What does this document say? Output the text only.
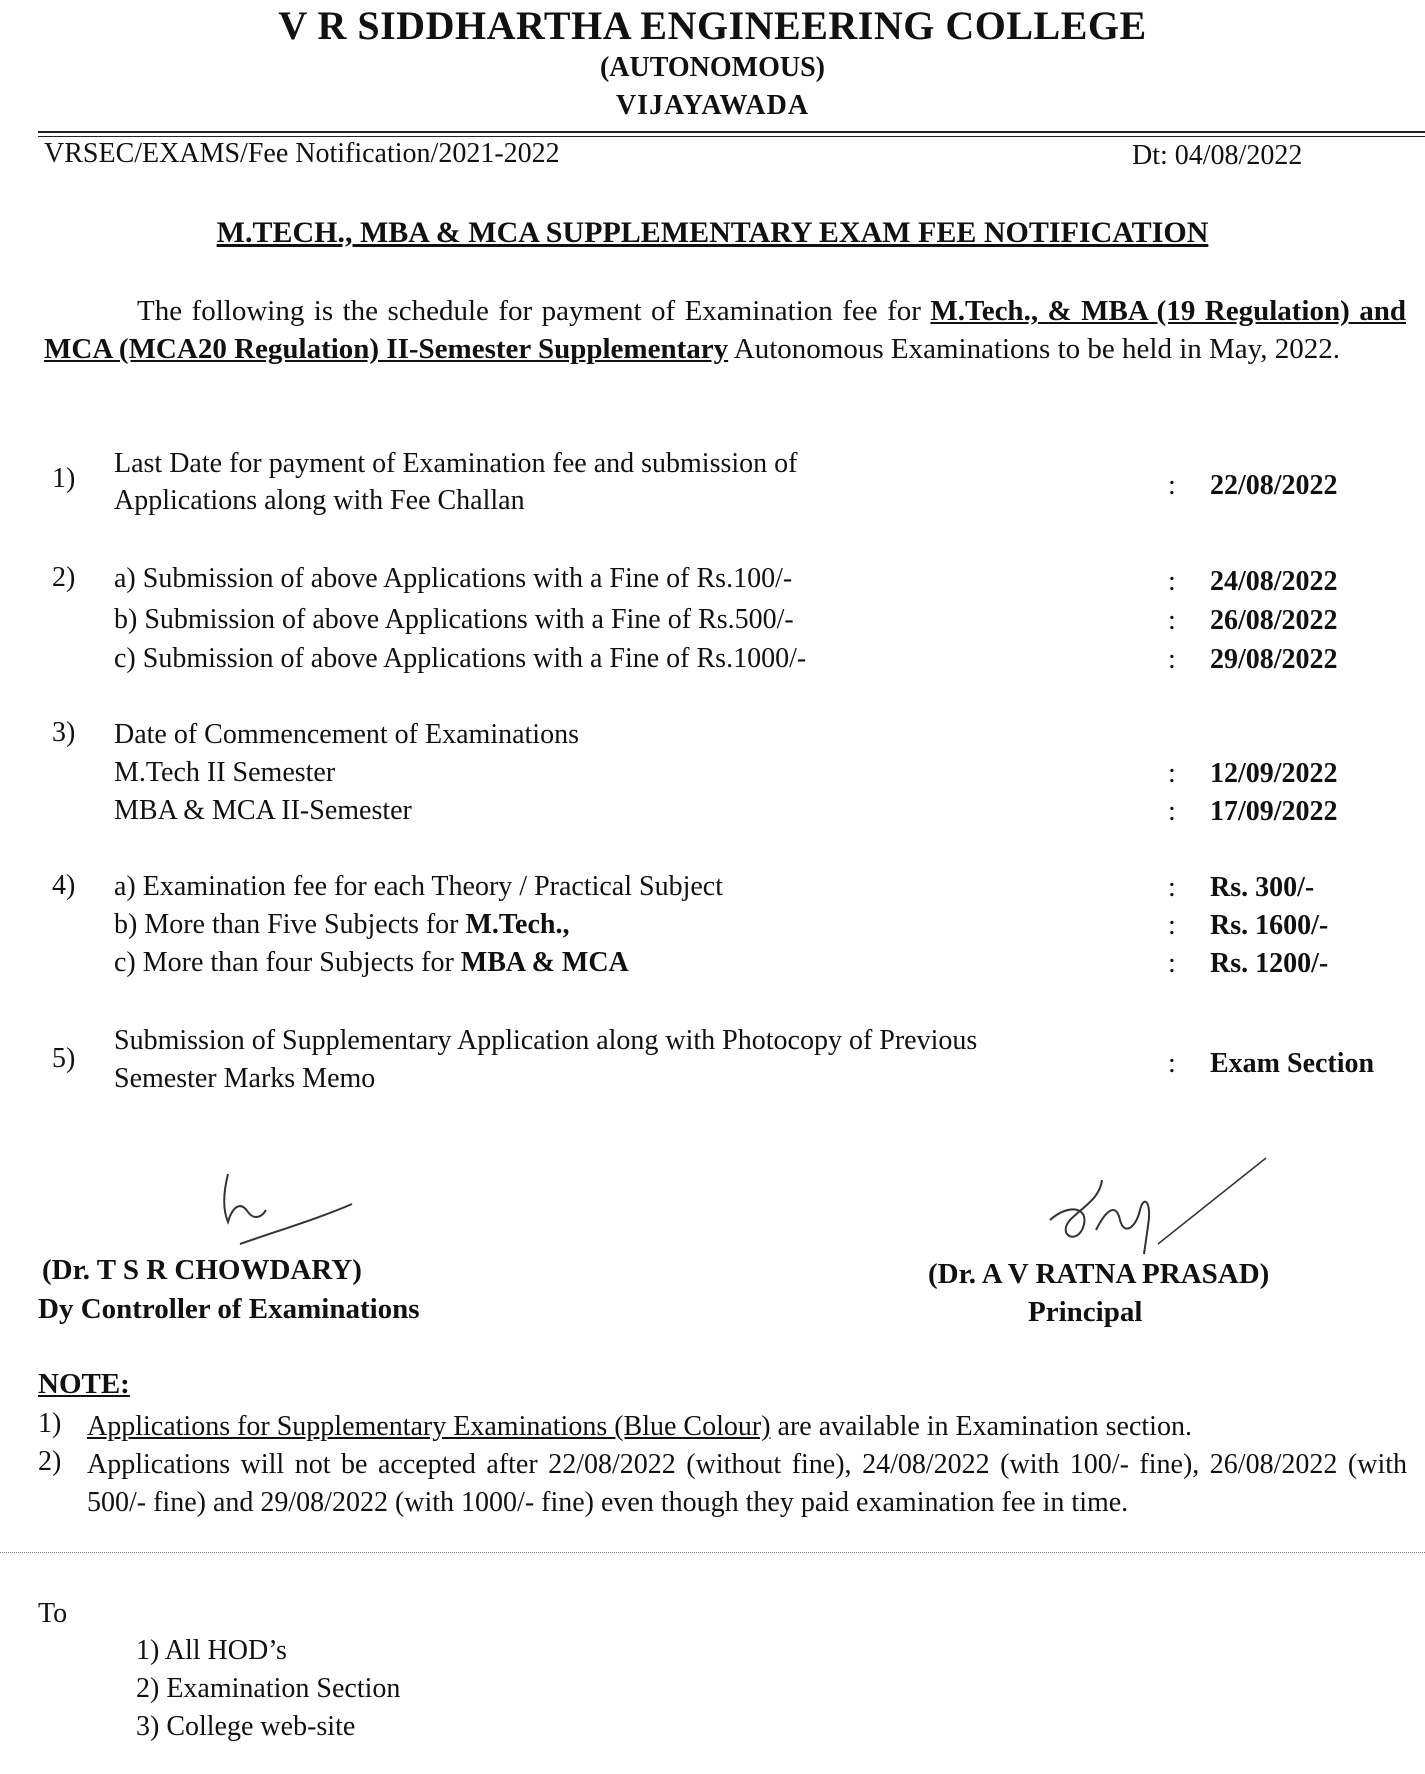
V R SIDDHARTHA ENGINEERING COLLEGE
(AUTONOMOUS)
VIJAYAWADA
VRSEC/EXAMS/Fee Notification/2021-2022	Dt: 04/08/2022
M.TECH., MBA & MCA SUPPLEMENTARY EXAM FEE NOTIFICATION
The following is the schedule for payment of Examination fee for M.Tech., & MBA (19 Regulation) and MCA (MCA20 Regulation) II-Semester Supplementary Autonomous Examinations to be held in May, 2022.
1) Last Date for payment of Examination fee and submission of
Applications along with Fee Challan	: 22/08/2022
2) a) Submission of above Applications with a Fine of Rs.100/-	: 24/08/2022
b) Submission of above Applications with a Fine of Rs.500/-	: 26/08/2022
c) Submission of above Applications with a Fine of Rs.1000/-	: 29/08/2022
3) Date of Commencement of Examinations
M.Tech II Semester	: 12/09/2022
MBA & MCA II-Semester	: 17/09/2022
4) a) Examination fee for each Theory / Practical Subject	: Rs. 300/-
b) More than Five Subjects for M.Tech.,	: Rs. 1600/-
c) More than four Subjects for MBA & MCA	: Rs. 1200/-
5)
Submission of Supplementary Application along with Photocopy of Previous
Semester Marks Memo	: Exam Section
(Dr. T S R CHOWDARY)
Dy Controller of Examinations
(Dr. A V RATNA PRASAD)
Principal
NOTE:
1) Applications for Supplementary Examinations (Blue Colour) are available in Examination section.
2) Applications will not be accepted after 22/08/2022 (without fine), 24/08/2022 (with 100/- fine), 26/08/2022 (with 500/- fine) and 29/08/2022 (with 1000/- fine) even though they paid examination fee in time.
To
1) All HOD’s
2) Examination Section
3) College web-site
